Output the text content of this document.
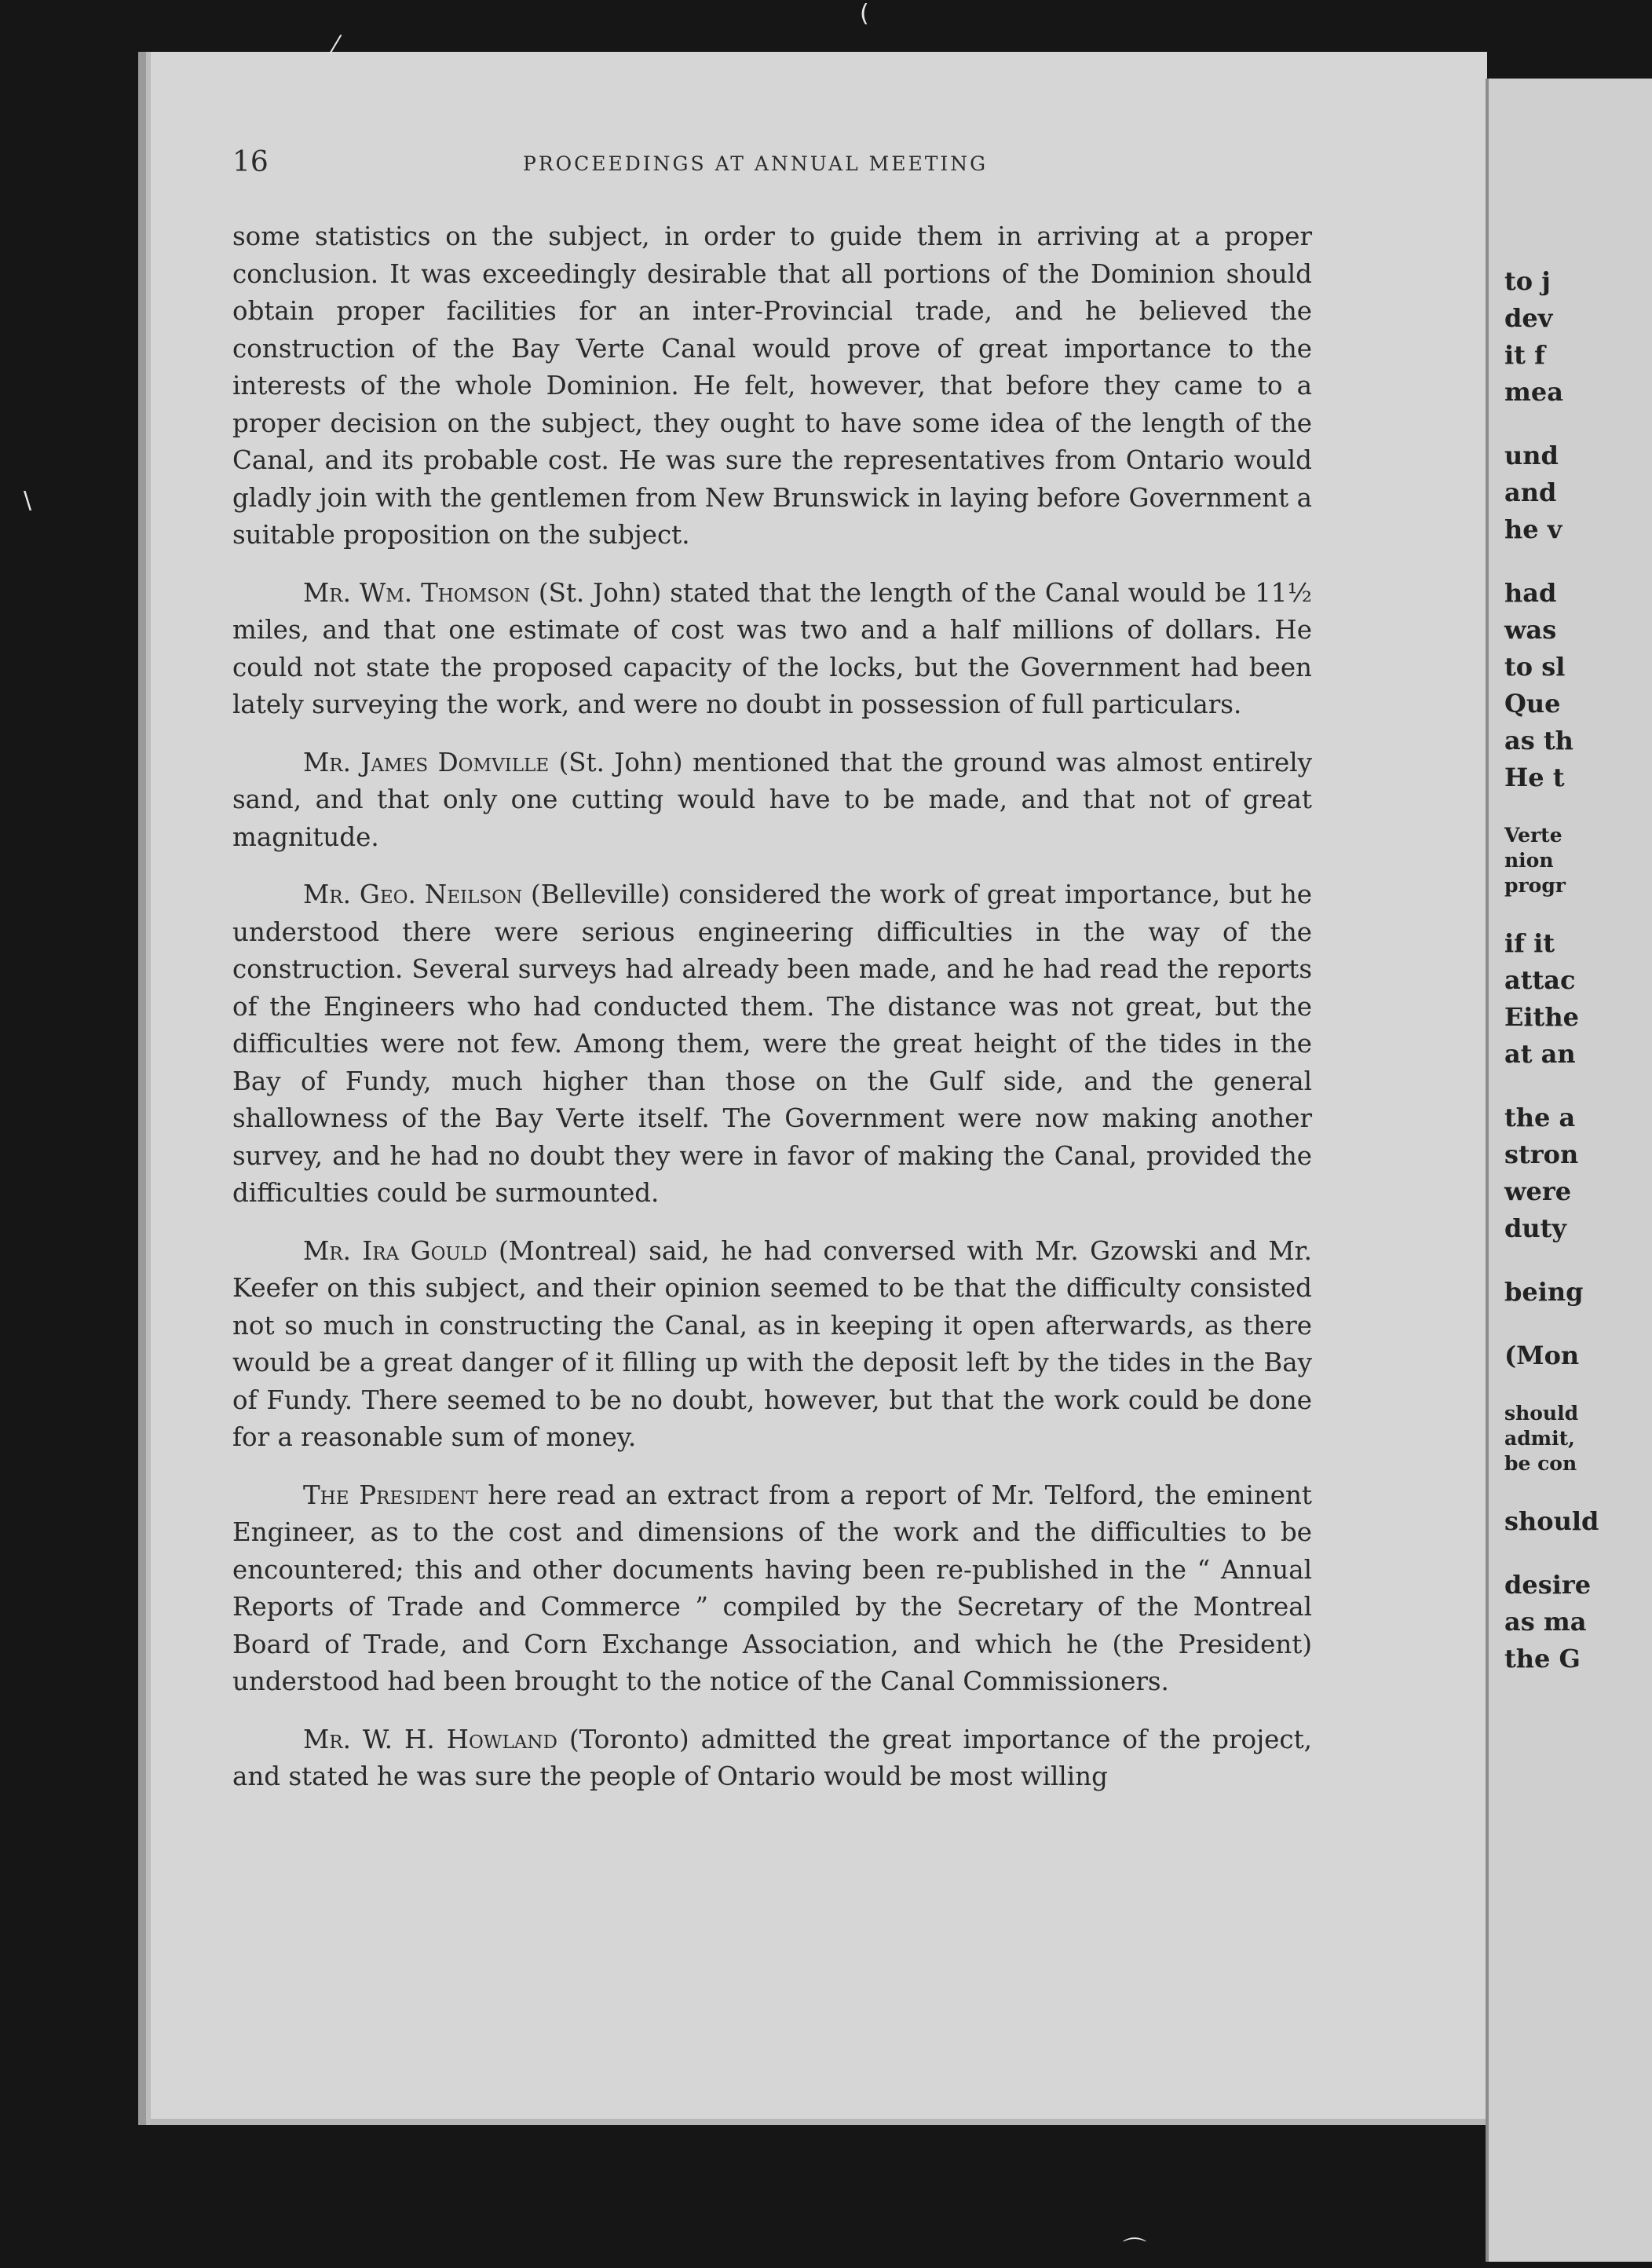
16	PROCEEDINGS AT ANNUAL MEETING

some statistics on the subject, in order to guide them in arriving at a proper conclusion. It was exceedingly desirable that all portions of the Dominion should obtain proper facilities for an inter-Provincial trade, and he believed the construction of the Bay Verte Canal would prove of great importance to the interests of the whole Dominion. He felt, however, that before they came to a proper decision on the subject, they ought to have some idea of the length of the Canal, and its probable cost. He was sure the representatives from Ontario would gladly join with the gentlemen from New Brunswick in laying before Government a suitable proposition on the subject.

Mr. Wm. Thomson (St. John) stated that the length of the Canal would be 11½ miles, and that one estimate of cost was two and a half millions of dollars. He could not state the proposed capacity of the locks, but the Government had been lately surveying the work, and were no doubt in possession of full particulars.

Mr. James Domville (St. John) mentioned that the ground was almost entirely sand, and that only one cutting would have to be made, and that not of great magnitude.

Mr. Geo. Neilson (Belleville) considered the work of great importance, but he understood there were serious engineering difficulties in the way of the construction. Several surveys had already been made, and he had read the reports of the Engineers who had conducted them. The distance was not great, but the difficulties were not few. Among them, were the great height of the tides in the Bay of Fundy, much higher than those on the Gulf side, and the general shallowness of the Bay Verte itself. The Government were now making another survey, and he had no doubt they were in favor of making the Canal, provided the difficulties could be surmounted.

Mr. Ira Gould (Montreal) said, he had conversed with Mr. Gzowski and Mr. Keefer on this subject, and their opinion seemed to be that the difficulty consisted not so much in constructing the Canal, as in keeping it open afterwards, as there would be a great danger of it filling up with the deposit left by the tides in the Bay of Fundy. There seemed to be no doubt, however, but that the work could be done for a reasonable sum of money.

The President here read an extract from a report of Mr. Telford, the eminent Engineer, as to the cost and dimensions of the work and the difficulties to be encountered; this and other documents having been re-published in the “ Annual Reports of Trade and Commerce ” compiled by the Secretary of the Montreal Board of Trade, and Corn Exchange Association, and which he (the President) understood had been brought to the notice of the Canal Commissioners.

Mr. W. H. Howland (Toronto) admitted the great importance of the project, and stated he was sure the people of Ontario would be most willing

to j
dev
it f
mea
und
and
he v
had
was
to sl
Que
as th
He t
Verte
nion
progr
if it
attac
Eithe
at an
the a
stron
were
duty
being
(Mon
should
admit,
be con
should
desire
as ma
the G
⁄
(
\
⌒
